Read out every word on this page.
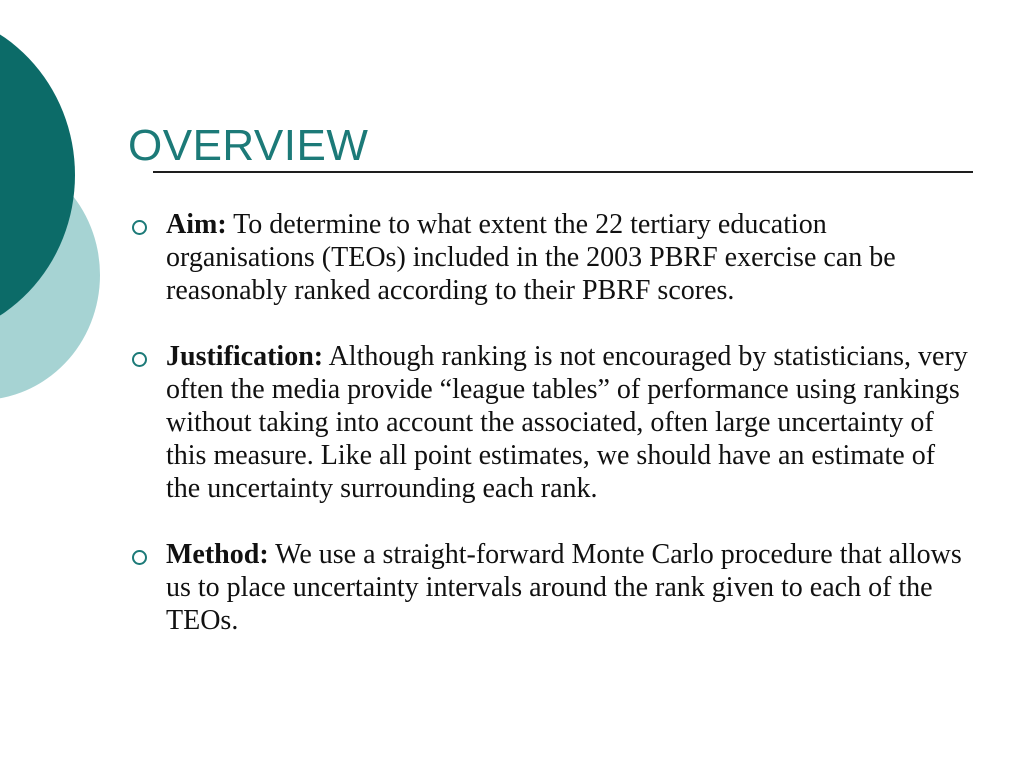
OVERVIEW
Aim: To determine to what extent the 22 tertiary education organisations (TEOs) included in the 2003 PBRF exercise can be reasonably ranked according to their PBRF scores.
Justification: Although ranking is not encouraged by statisticians, very often the media provide “league tables” of performance using rankings without taking into account the associated, often large uncertainty of this measure. Like all point estimates, we should have an estimate of the uncertainty surrounding each rank.
Method: We use a straight-forward Monte Carlo procedure that allows us to place uncertainty intervals around the rank given to each of the TEOs.
